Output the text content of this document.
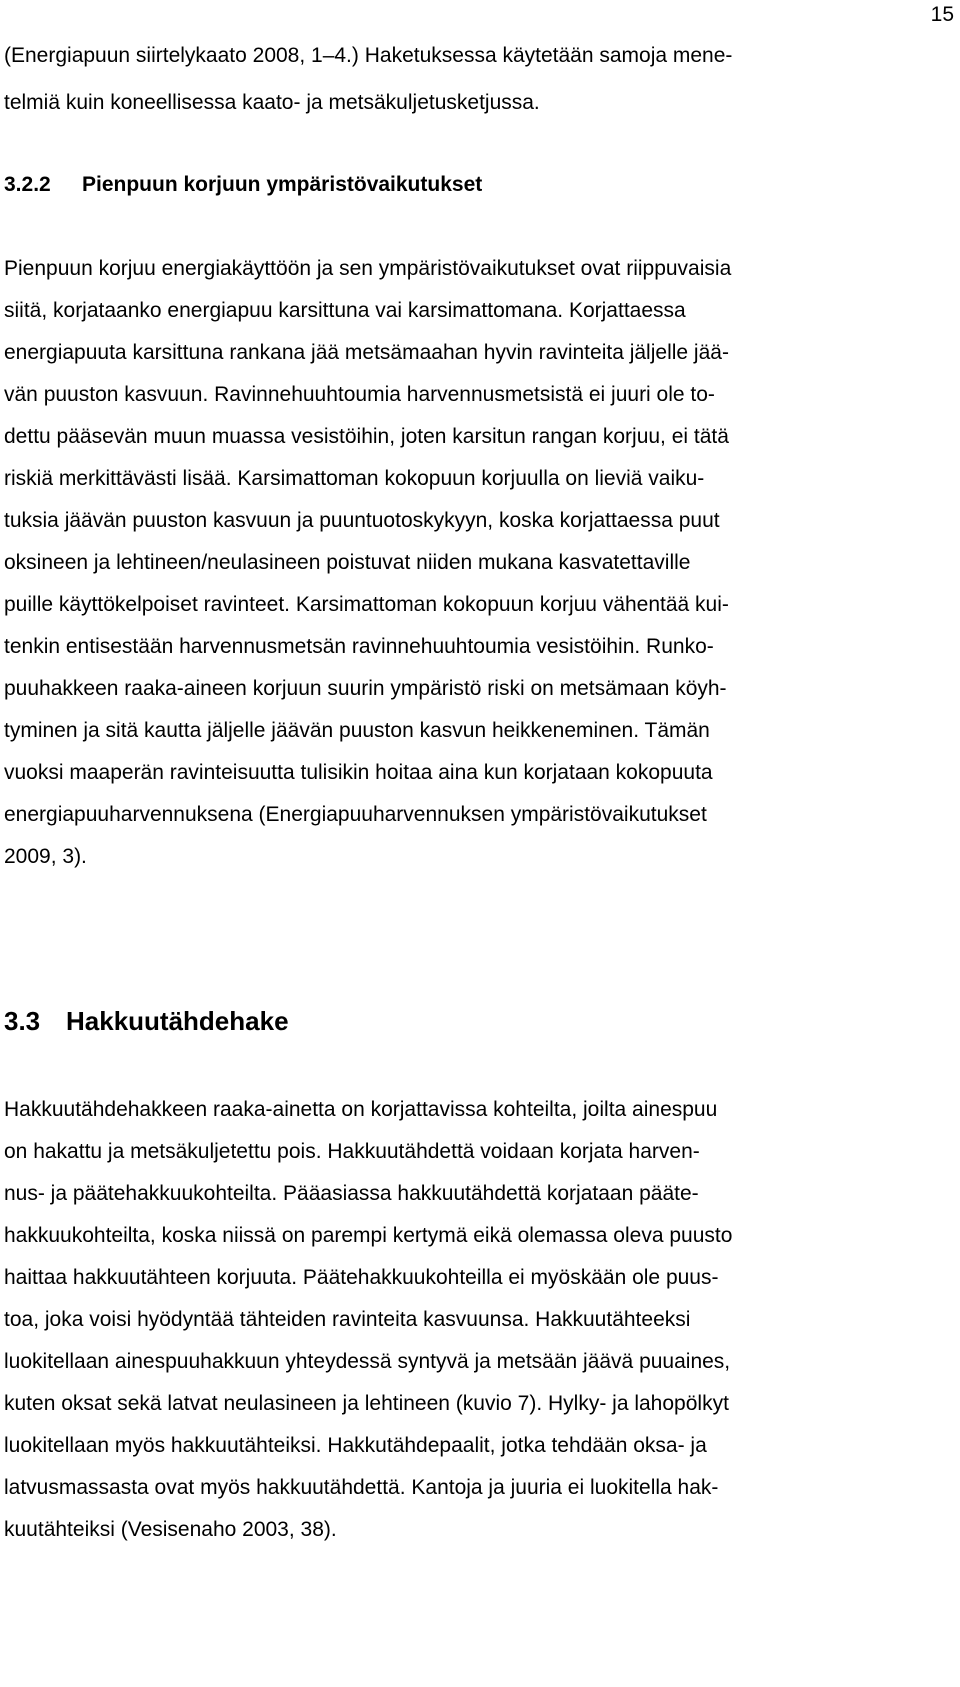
15
(Energiapuun siirtelykaato 2008, 1–4.) Haketuksessa käytetään samoja mene-
telmiä kuin koneellisessa kaato- ja metsäkuljetusketjussa.
3.2.2 Pienpuun korjuun ympäristövaikutukset
Pienpuun korjuu energiakäyttöön ja sen ympäristövaikutukset ovat riippuvaisia
siitä, korjataanko energiapuu karsittuna vai karsimattomana. Korjattaessa
energiapuuta karsittuna rankana jää metsämaahan hyvin ravinteita jäljelle jää-
vän puuston kasvuun. Ravinnehuuhtoumia harvennusmetsistä ei juuri ole to-
dettu pääsevän muun muassa vesistöihin, joten karsitun rangan korjuu, ei tätä
riskiä merkittävästi lisää. Karsimattoman kokopuun korjuulla on lieviä vaiku-
tuksia jäävän puuston kasvuun ja puuntuotoskykyyn, koska korjattaessa puut
oksineen ja lehtineen/neulasineen poistuvat niiden mukana kasvatettaville
puille käyttökelpoiset ravinteet. Karsimattoman kokopuun korjuu vähentää kui-
tenkin entisestään harvennusmetsän ravinnehuuhtoumia vesistöihin. Runko-
puuhakkeen raaka-aineen korjuun suurin ympäristö riski on metsämaan köyh-
tyminen ja sitä kautta jäljelle jäävän puuston kasvun heikkeneminen. Tämän
vuoksi maaperän ravinteisuutta tulisikin hoitaa aina kun korjataan kokopuuta
energiapuuharvennuksena (Energiapuuharvennuksen ympäristövaikutukset
2009, 3).
3.3 Hakkuutähdehake
Hakkuutähdehakkeen raaka-ainetta on korjattavissa kohteilta, joilta ainespuu
on hakattu ja metsäkuljetettu pois. Hakkuutähdettä voidaan korjata harven-
nus- ja päätehakkuukohteilta. Pääasiassa hakkuutähdettä korjataan pääte-
hakkuukohteilta, koska niissä on parempi kertymä eikä olemassa oleva puusto
haittaa hakkuutähteen korjuuta. Päätehakkuukohteilla ei myöskään ole puus-
toa, joka voisi hyödyntää tähteiden ravinteita kasvuunsa. Hakkuutähteeksi
luokitellaan ainespuuhakkuun yhteydessä syntyvä ja metsään jäävä puuaines,
kuten oksat sekä latvat neulasineen ja lehtineen (kuvio 7). Hylky- ja lahopölkyt
luokitellaan myös hakkuutähteiksi. Hakkutähdepaalit, jotka tehdään oksa- ja
latvusmassasta ovat myös hakkuutähdettä. Kantoja ja juuria ei luokitella hak-
kuutähteiksi (Vesisenaho 2003, 38).
